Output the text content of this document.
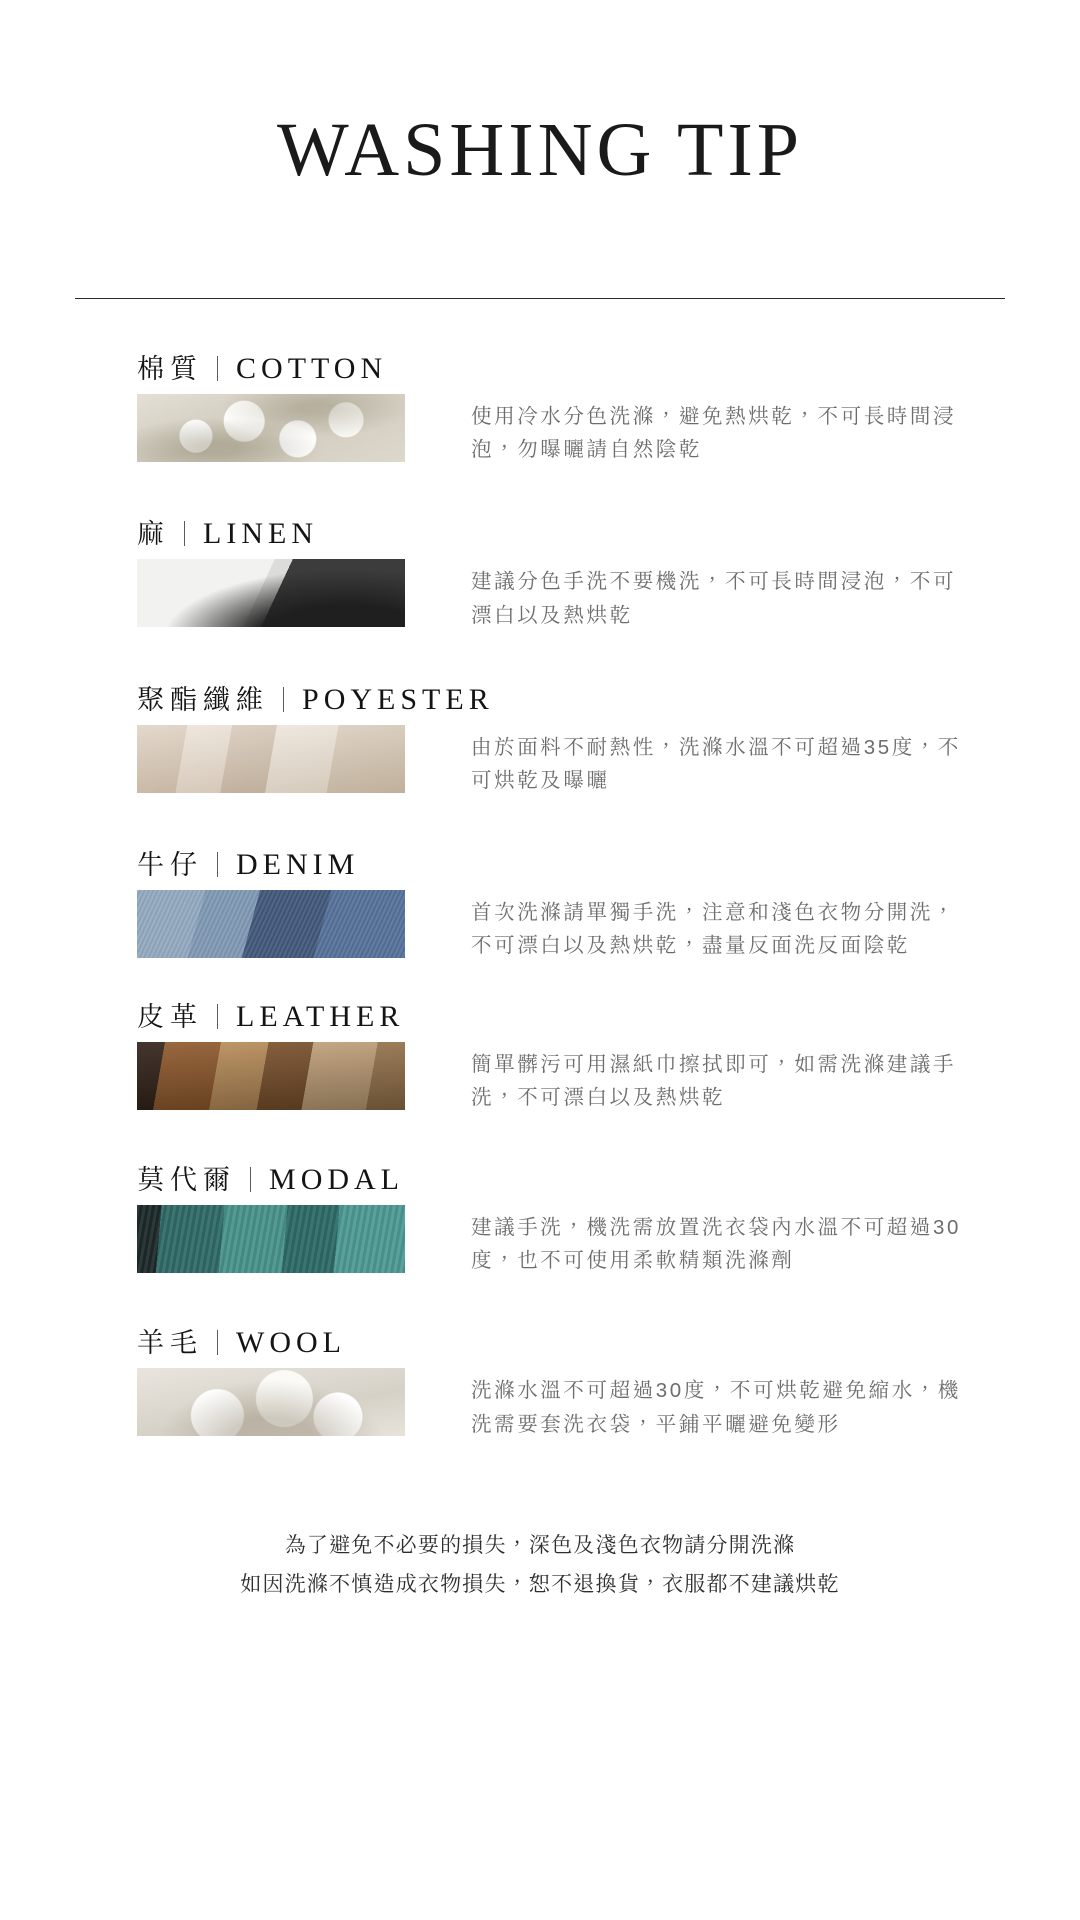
WASHING TIP
棉質 ｜ COTTON
使用冷水分色洗滌，避免熱烘乾，不可長時間浸泡，勿曝曬請自然陰乾
麻 ｜ LINEN
建議分色手洗不要機洗，不可長時間浸泡，不可漂白以及熱烘乾
聚酯纖維 ｜ POYESTER
由於面料不耐熱性，洗滌水溫不可超過35度，不可烘乾及曝曬
牛仔 ｜ DENIM
首次洗滌請單獨手洗，注意和淺色衣物分開洗，不可漂白以及熱烘乾，盡量反面洗反面陰乾
皮革 ｜ LEATHER
簡單髒污可用濕紙巾擦拭即可，如需洗滌建議手洗，不可漂白以及熱烘乾
莫代爾 ｜ MODAL
建議手洗，機洗需放置洗衣袋內水溫不可超過30度，也不可使用柔軟精類洗滌劑
羊毛 ｜ WOOL
洗滌水溫不可超過30度，不可烘乾避免縮水，機洗需要套洗衣袋，平鋪平曬避免變形
為了避免不必要的損失，深色及淺色衣物請分開洗滌
如因洗滌不慎造成衣物損失，恕不退換貨，衣服都不建議烘乾
